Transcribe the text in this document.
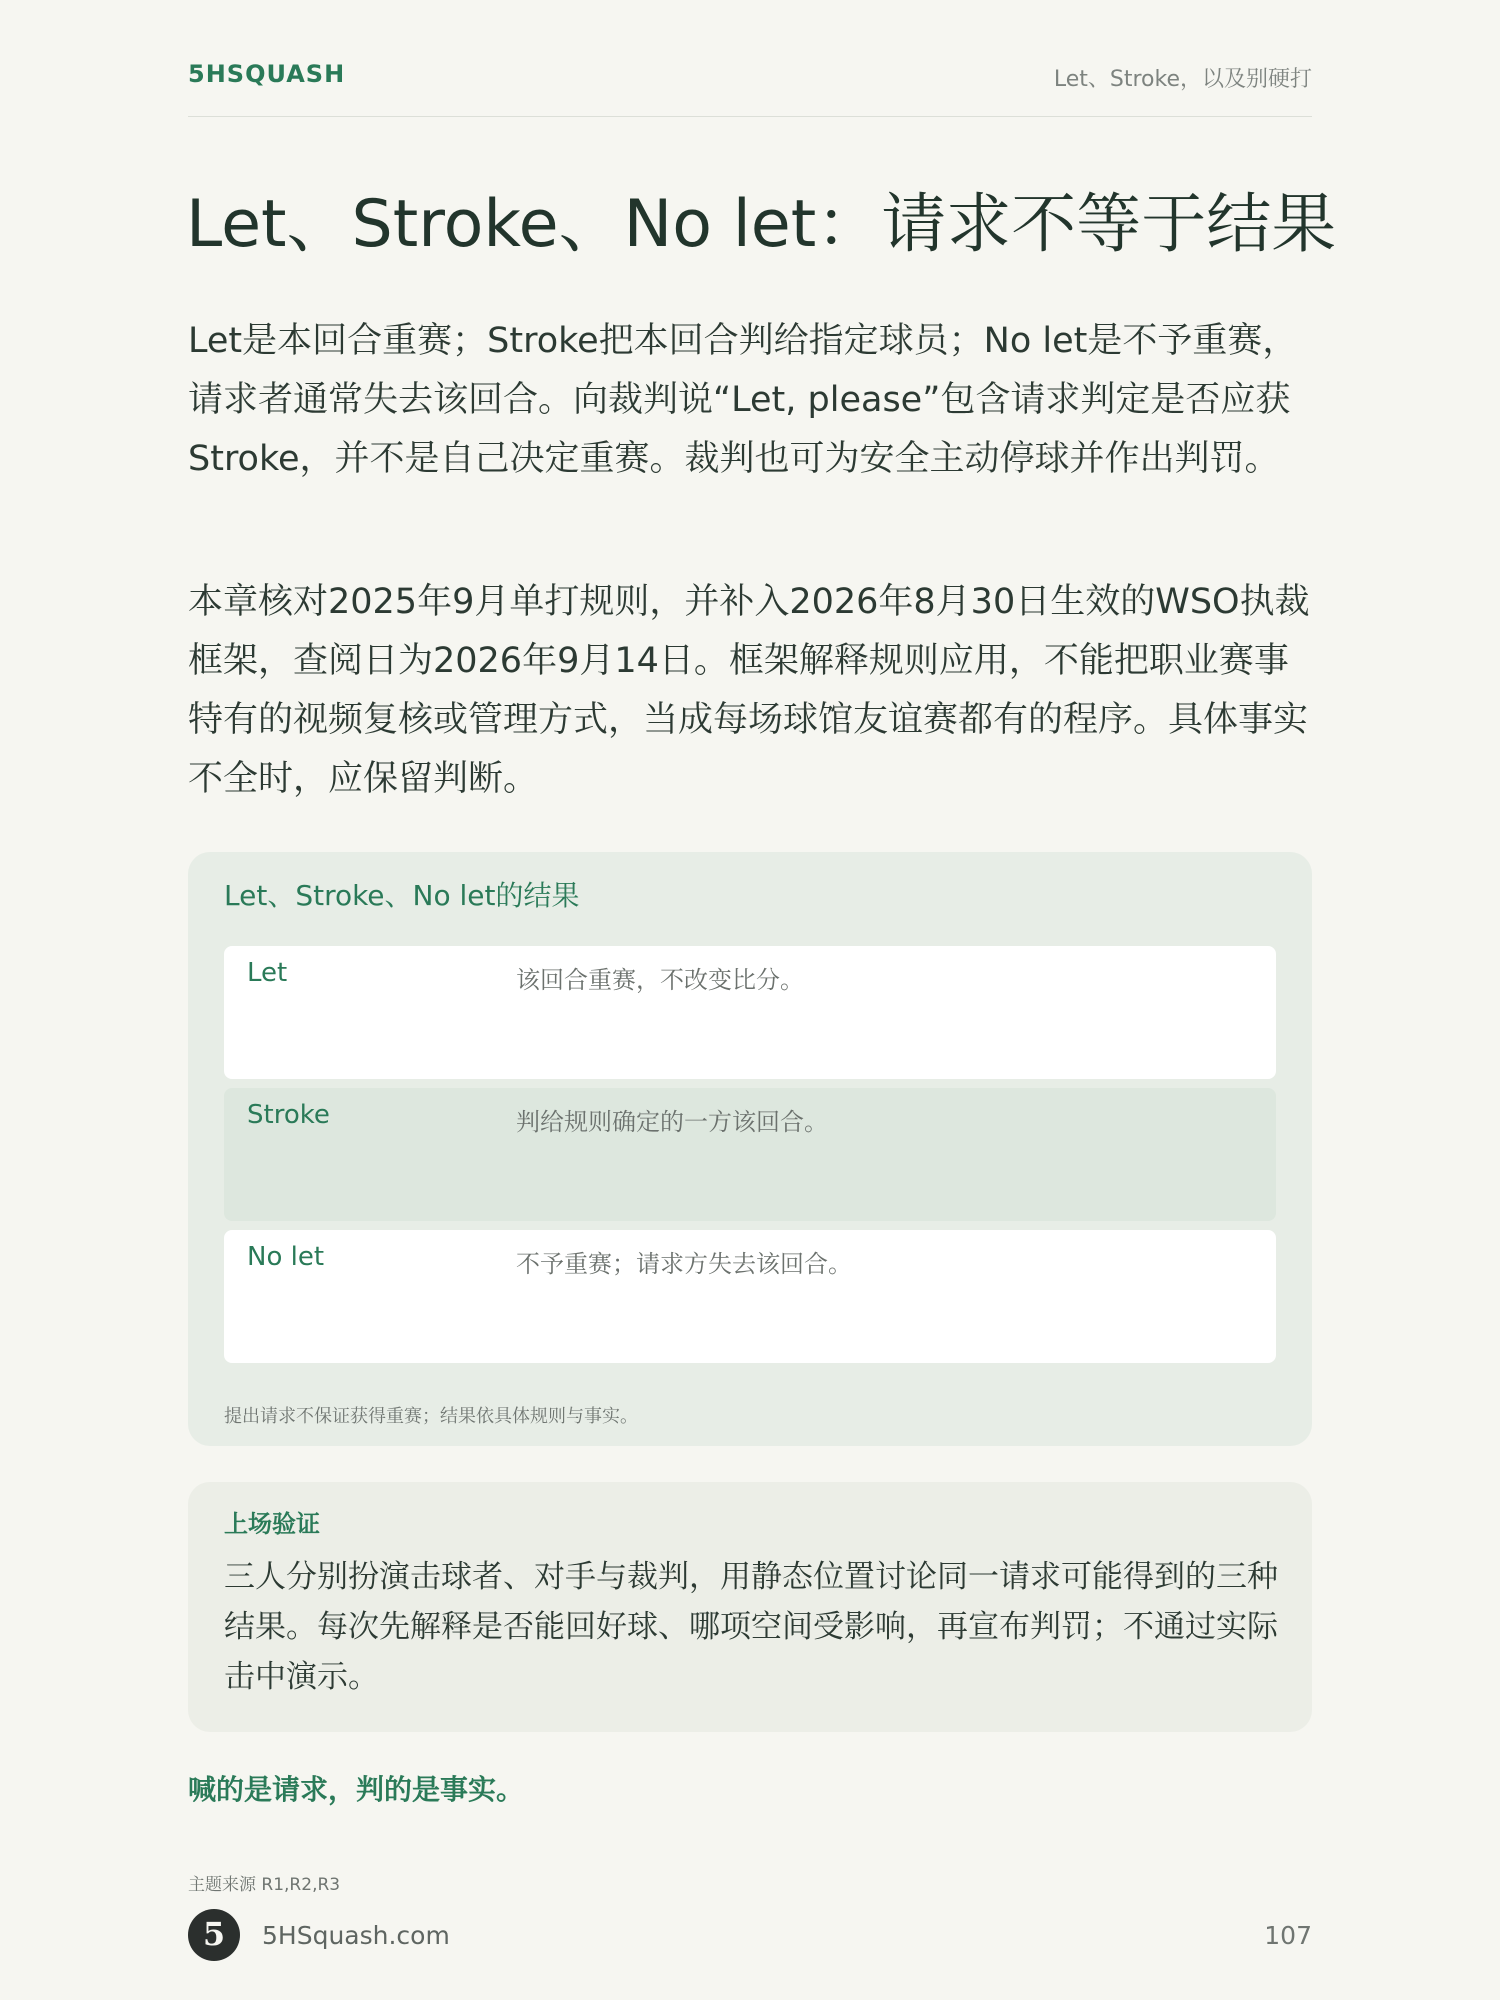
5HSQUASH	Let、Stroke，以及别硬打
Let、Stroke、No let：请求不等于结果

Let是本回合重赛；Stroke把本回合判给指定球员；No let是不予重赛，请求者通常失去该回合。向裁判说“Let, please”包含请求判定是否应获Stroke，并不是自己决定重赛。裁判也可为安全主动停球并作出判罚。

本章核对2025年9月单打规则，并补入2026年8月30日生效的WSO执裁框架，查阅日为2026年9月14日。框架解释规则应用，不能把职业赛事特有的视频复核或管理方式，当成每场球馆友谊赛都有的程序。具体事实不全时，应保留判断。

Let、Stroke、No let的结果
Let	该回合重赛，不改变比分。
Stroke	判给规则确定的一方该回合。
No let	不予重赛；请求方失去该回合。
提出请求不保证获得重赛；结果依具体规则与事实。
上场验证

三人分别扮演击球者、对手与裁判，用静态位置讨论同一请求可能得到的三种结果。每次先解释是否能回好球、哪项空间受影响，再宣布判罚；不通过实际击中演示。

喊的是请求，判的是事实。
主题来源 R1,R2,R3
5	5HSquash.com	107
